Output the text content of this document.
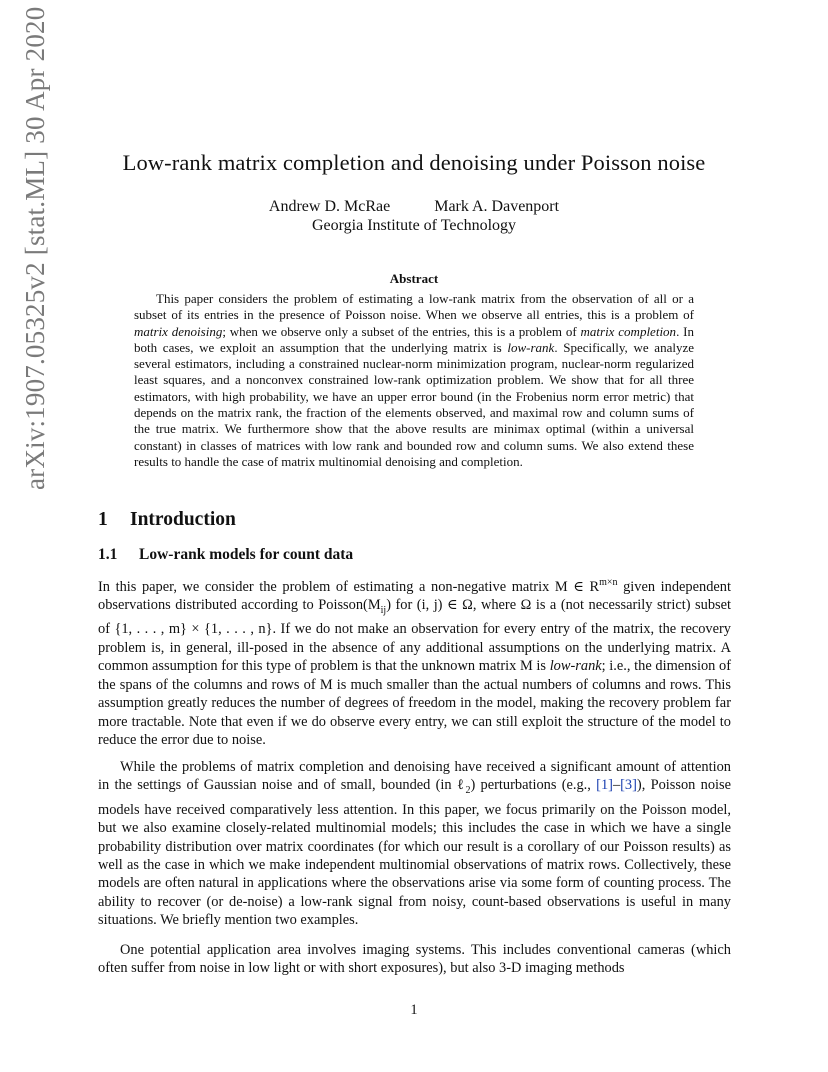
arXiv:1907.05325v2 [stat.ML] 30 Apr 2020	Low-rank matrix completion and denoising under Poisson noise
Andrew D. McRae	Mark A. Davenport
Georgia Institute of Technology
Abstract
This paper considers the problem of estimating a low-rank matrix from the observation of all or a subset of its entries in the presence of Poisson noise. When we observe all entries, this is a problem of matrix denoising; when we observe only a subset of the entries, this is a problem of matrix completion. In both cases, we exploit an assumption that the underlying matrix is low-rank. Specifically, we analyze several estimators, including a constrained nuclear-norm minimization program, nuclear-norm regularized least squares, and a nonconvex constrained low-rank optimization problem. We show that for all three estimators, with high probability, we have an upper error bound (in the Frobenius norm error metric) that depends on the matrix rank, the fraction of the elements observed, and maximal row and column sums of the true matrix. We furthermore show that the above results are minimax optimal (within a universal constant) in classes of matrices with low rank and bounded row and column sums. We also extend these results to handle the case of matrix multinomial denoising and completion.
1 Introduction
1.1 Low-rank models for count data
In this paper, we consider the problem of estimating a non-negative matrix M ∈ $R^{m\times n}$ given independent observations distributed according to $Poisson(M_{ij})$ for (i, j) ∈ Ω, where Ω is a (not necessarily strict) subset of {1, . . . , m} × {1, . . . , n}. If we do not make an observation for every entry of the matrix, the recovery problem is, in general, ill-posed in the absence of any additional assumptions on the underlying matrix. A common assumption for this type of problem is that the unknown matrix M is low-rank; i.e., the dimension of the spans of the columns and rows of M is much smaller than the actual numbers of columns and rows. This assumption greatly reduces the number of degrees of freedom in the model, making the recovery problem far more tractable. Note that even if we do observe every entry, we can still exploit the structure of the model to reduce the error due to noise.
While the problems of matrix completion and denoising have received a significant amount of attention in the settings of Gaussian noise and of small, bounded (in ℓ$_2$) perturbations (e.g., [1]–[3]), Poisson noise models have received comparatively less attention. In this paper, we focus primarily on the Poisson model, but we also examine closely-related multinomial models; this includes the case in which we have a single probability distribution over matrix coordinates (for which our result is a corollary of our Poisson results) as well as the case in which we make independent multinomial observations of matrix rows. Collectively, these models are often natural in applications where the observations arise via some form of counting process. The ability to recover (or de-noise) a low-rank signal from noisy, count-based observations is useful in many situations. We briefly mention two examples.
One potential application area involves imaging systems. This includes conventional cameras (which often suffer from noise in low light or with short exposures), but also 3-D imaging methods
1
